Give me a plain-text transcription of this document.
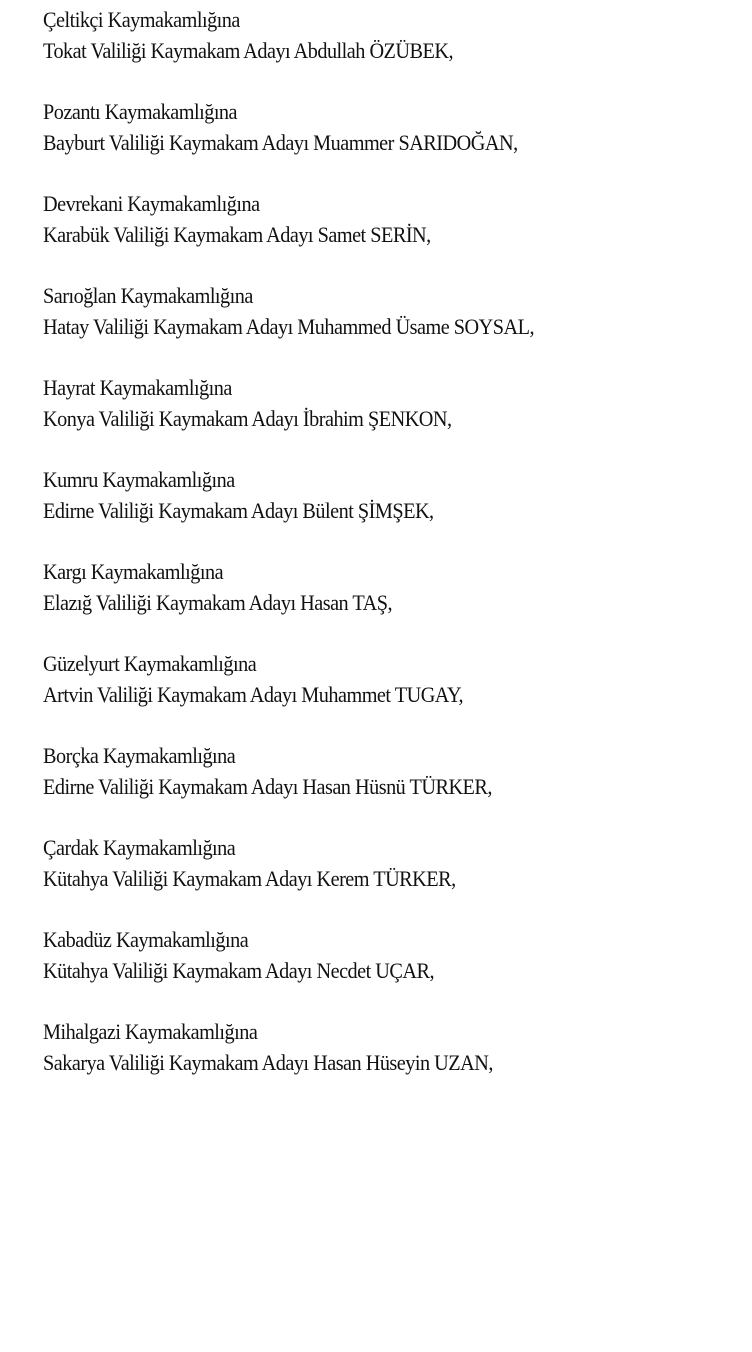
Çeltikçi Kaymakamlığına
Tokat Valiliği Kaymakam Adayı Abdullah ÖZÜBEK,
Pozantı Kaymakamlığına
Bayburt Valiliği Kaymakam Adayı Muammer SARIDOĞAN,
Devrekani Kaymakamlığına
Karabük Valiliği Kaymakam Adayı Samet SERİN,
Sarıoğlan Kaymakamlığına
Hatay Valiliği Kaymakam Adayı Muhammed Üsame SOYSAL,
Hayrat Kaymakamlığına
Konya Valiliği Kaymakam Adayı İbrahim ŞENKON,
Kumru Kaymakamlığına
Edirne Valiliği Kaymakam Adayı Bülent ŞİMŞEK,
Kargı Kaymakamlığına
Elazığ Valiliği Kaymakam Adayı Hasan TAŞ,
Güzelyurt Kaymakamlığına
Artvin Valiliği Kaymakam Adayı Muhammet TUGAY,
Borçka Kaymakamlığına
Edirne Valiliği Kaymakam Adayı Hasan Hüsnü TÜRKER,
Çardak Kaymakamlığına
Kütahya Valiliği Kaymakam Adayı Kerem TÜRKER,
Kabadüz Kaymakamlığına
Kütahya Valiliği Kaymakam Adayı Necdet UÇAR,
Mihalgazi Kaymakamlığına
Sakarya Valiliği Kaymakam Adayı Hasan Hüseyin UZAN,
